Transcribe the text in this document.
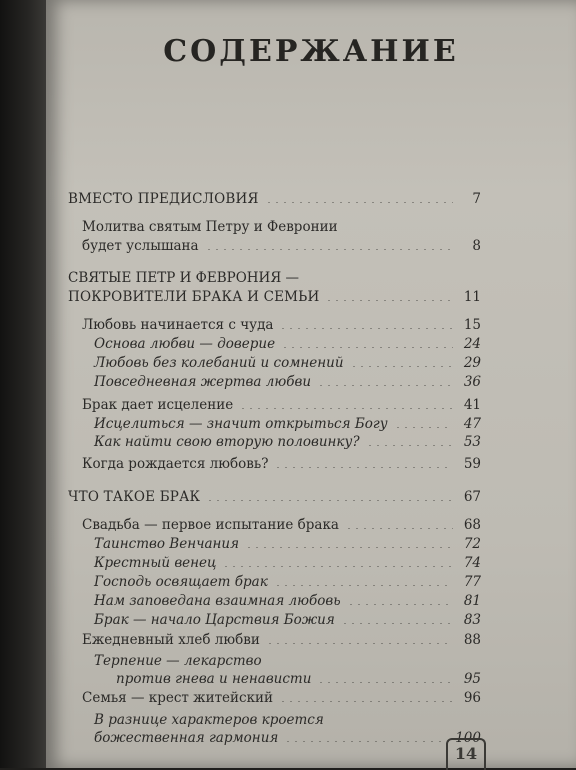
СОДЕРЖАНИЕ
ВМЕСТО ПРЕДИСЛОВИЯ	7
Молитва святым Петру и Февронии
будет услышана	8
СВЯТЫЕ ПЕТР И ФЕВРОНИЯ —
ПОКРОВИТЕЛИ БРАКА И СЕМЬИ	11
Любовь начинается с чуда	15
Основа любви — доверие	24
Любовь без колебаний и сомнений	29
Повседневная жертва любви	36
Брак дает исцеление	41
Исцелиться — значит открыться Богу	47
Как найти свою вторую половинку?	53
Когда рождается любовь?	59
ЧТО ТАКОЕ БРАК	67
Свадьба — первое испытание брака	68
Таинство Венчания	72
Крестный венец	74
Господь освящает брак	77
Нам заповедана взаимная любовь	81
Брак — начало Царствия Божия	83
Ежедневный хлеб любви	88
Терпение — лекарство
против гнева и ненависти	95
Семья — крест житейский	96
В разнице характеров кроется
божественная гармония	100
14
